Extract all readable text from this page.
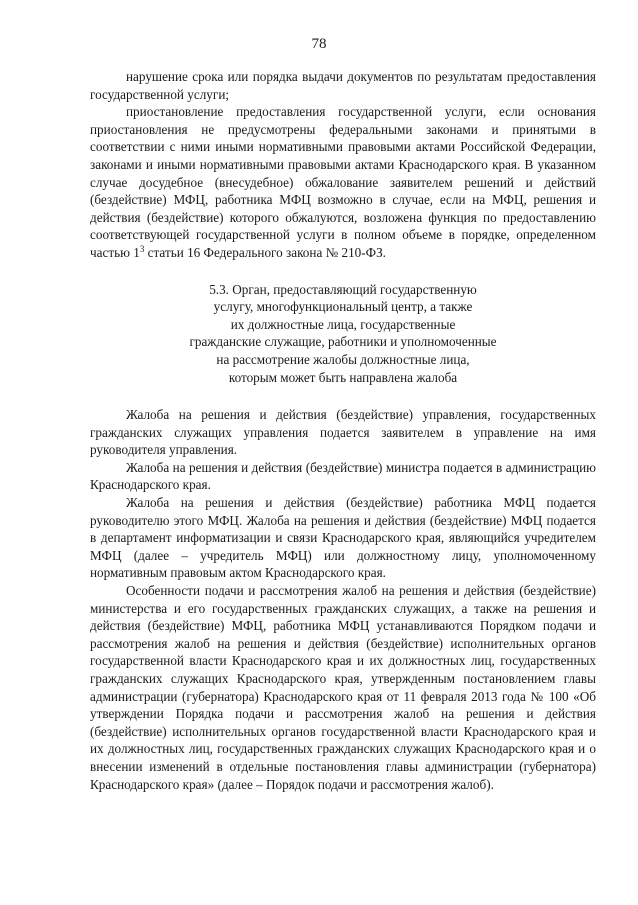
78

нарушение срока или порядка выдачи документов по результатам предоставления государственной услуги;

приостановление предоставления государственной услуги, если основания приостановления не предусмотрены федеральными законами и принятыми в соответствии с ними иными нормативными правовыми актами Российской Федерации, законами и иными нормативными правовыми актами Краснодарского края. В указанном случае досудебное (внесудебное) обжалование заявителем решений и действий (бездействие) МФЦ, работника МФЦ возможно в случае, если на МФЦ, решения и действия (бездействие) которого обжалуются, возложена функция по предоставлению соответствующей государственной услуги в полном объеме в порядке, определенном частью $1^3$ статьи 16 Федерального закона № 210-ФЗ.

5.3. Орган, предоставляющий государственную
услугу, многофункциональный центр, а также
их должностные лица, государственные
гражданские служащие, работники и уполномоченные
на рассмотрение жалобы должностные лица,
которым может быть направлена жалоба

Жалоба на решения и действия (бездействие) управления, государственных гражданских служащих управления подается заявителем в управление на имя руководителя управления.

Жалоба на решения и действия (бездействие) министра подается в администрацию Краснодарского края.

Жалоба на решения и действия (бездействие) работника МФЦ подается руководителю этого МФЦ. Жалоба на решения и действия (бездействие) МФЦ подается в департамент информатизации и связи Краснодарского края, являющийся учредителем МФЦ (далее – учредитель МФЦ) или должностному лицу, уполномоченному нормативным правовым актом Краснодарского края.

Особенности подачи и рассмотрения жалоб на решения и действия (бездействие) министерства и его государственных гражданских служащих, а также на решения и действия (бездействие) МФЦ, работника МФЦ устанавливаются Порядком подачи и рассмотрения жалоб на решения и действия (бездействие) исполнительных органов государственной власти Краснодарского края и их должностных лиц, государственных гражданских служащих Краснодарского края, утвержденным постановлением главы администрации (губернатора) Краснодарского края от 11 февраля 2013 года № 100 «Об утверждении Порядка подачи и рассмотрения жалоб на решения и действия (бездействие) исполнительных органов государственной власти Краснодарского края и их должностных лиц, государственных гражданских служащих Краснодарского края и о внесении изменений в отдельные постановления главы администрации (губернатора) Краснодарского края» (далее – Порядок подачи и рассмотрения жалоб).
